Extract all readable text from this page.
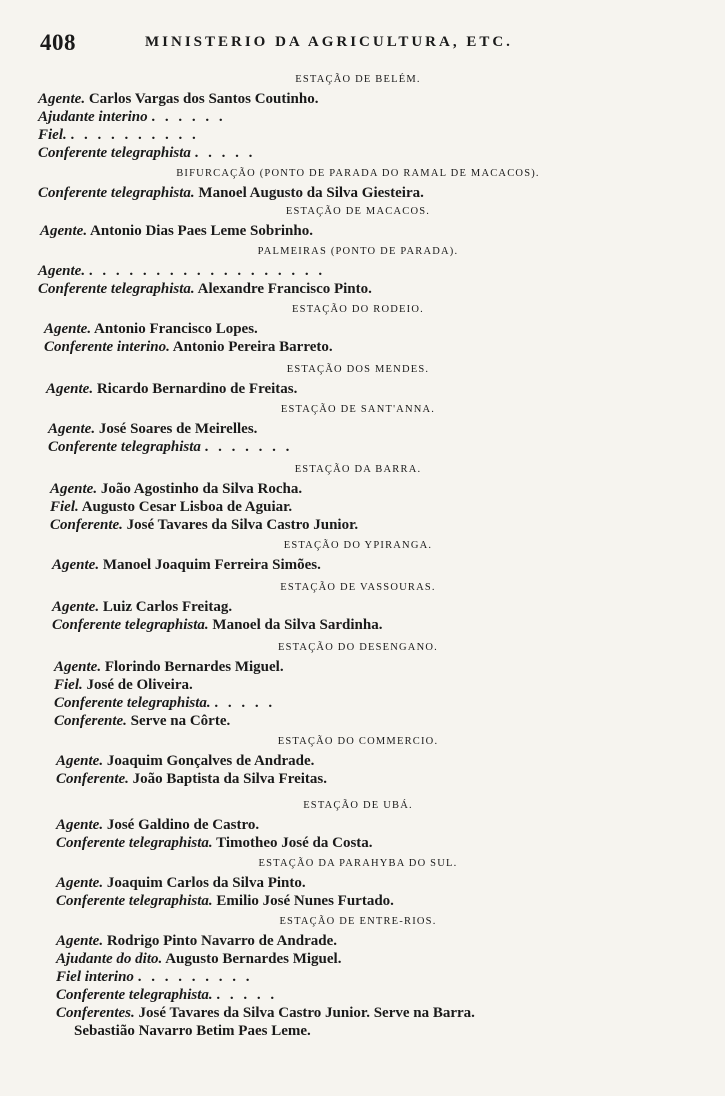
408	MINISTERIO DA AGRICULTURA, ETC.
ESTAÇÃO DE BELÉM.
Agente. Carlos Vargas dos Santos Coutinho.
Ajudante interino . . . . . .
Fiel. . . . . . . . . . .
Conferente telegraphista . . . . .
BIFURCAÇÃO (PONTO DE PARADA DO RAMAL DE MACACOS).
Conferente telegraphista. Manoel Augusto da Silva Giesteira.
ESTAÇÃO DE MACACOS.
Agente. Antonio Dias Paes Leme Sobrinho.
PALMEIRAS (PONTO DE PARADA).
Agente. . . . . . . . . . . . . . . . . . .
Conferente telegraphista. Alexandre Francisco Pinto.
ESTAÇÃO DO RODEIO.
Agente. Antonio Francisco Lopes.
Conferente interino. Antonio Pereira Barreto.
ESTAÇÃO DOS MENDES.
Agente. Ricardo Bernardino de Freitas.
ESTAÇÃO DE SANT'ANNA.
Agente. José Soares de Meirelles.
Conferente telegraphista . . . . . . .
ESTAÇÃO DA BARRA.
Agente. João Agostinho da Silva Rocha.
Fiel. Augusto Cesar Lisboa de Aguiar.
Conferente. José Tavares da Silva Castro Junior.
ESTAÇÃO DO YPIRANGA.
Agente. Manoel Joaquim Ferreira Simões.
ESTAÇÃO DE VASSOURAS.
Agente. Luiz Carlos Freitag.
Conferente telegraphista. Manoel da Silva Sardinha.
ESTAÇÃO DO DESENGANO.
Agente. Florindo Bernardes Miguel.
Fiel. José de Oliveira.
Conferente telegraphista. . . . . .
Conferente. Serve na Côrte.
ESTAÇÃO DO COMMERCIO.
Agente. Joaquim Gonçalves de Andrade.
Conferente. João Baptista da Silva Freitas.
ESTAÇÃO DE UBÁ.
Agente. José Galdino de Castro.
Conferente telegraphista. Timotheo José da Costa.
ESTAÇÃO DA PARAHYBA DO SUL.
Agente. Joaquim Carlos da Silva Pinto.
Conferente telegraphista. Emilio José Nunes Furtado.
ESTAÇÃO DE ENTRE-RIOS.
Agente. Rodrigo Pinto Navarro de Andrade.
Ajudante do dito. Augusto Bernardes Miguel.
Fiel interino . . . . . . . . .
Conferente telegraphista. . . . . .
Conferentes. José Tavares da Silva Castro Junior. Serve na Barra.
Sebastião Navarro Betim Paes Leme.
